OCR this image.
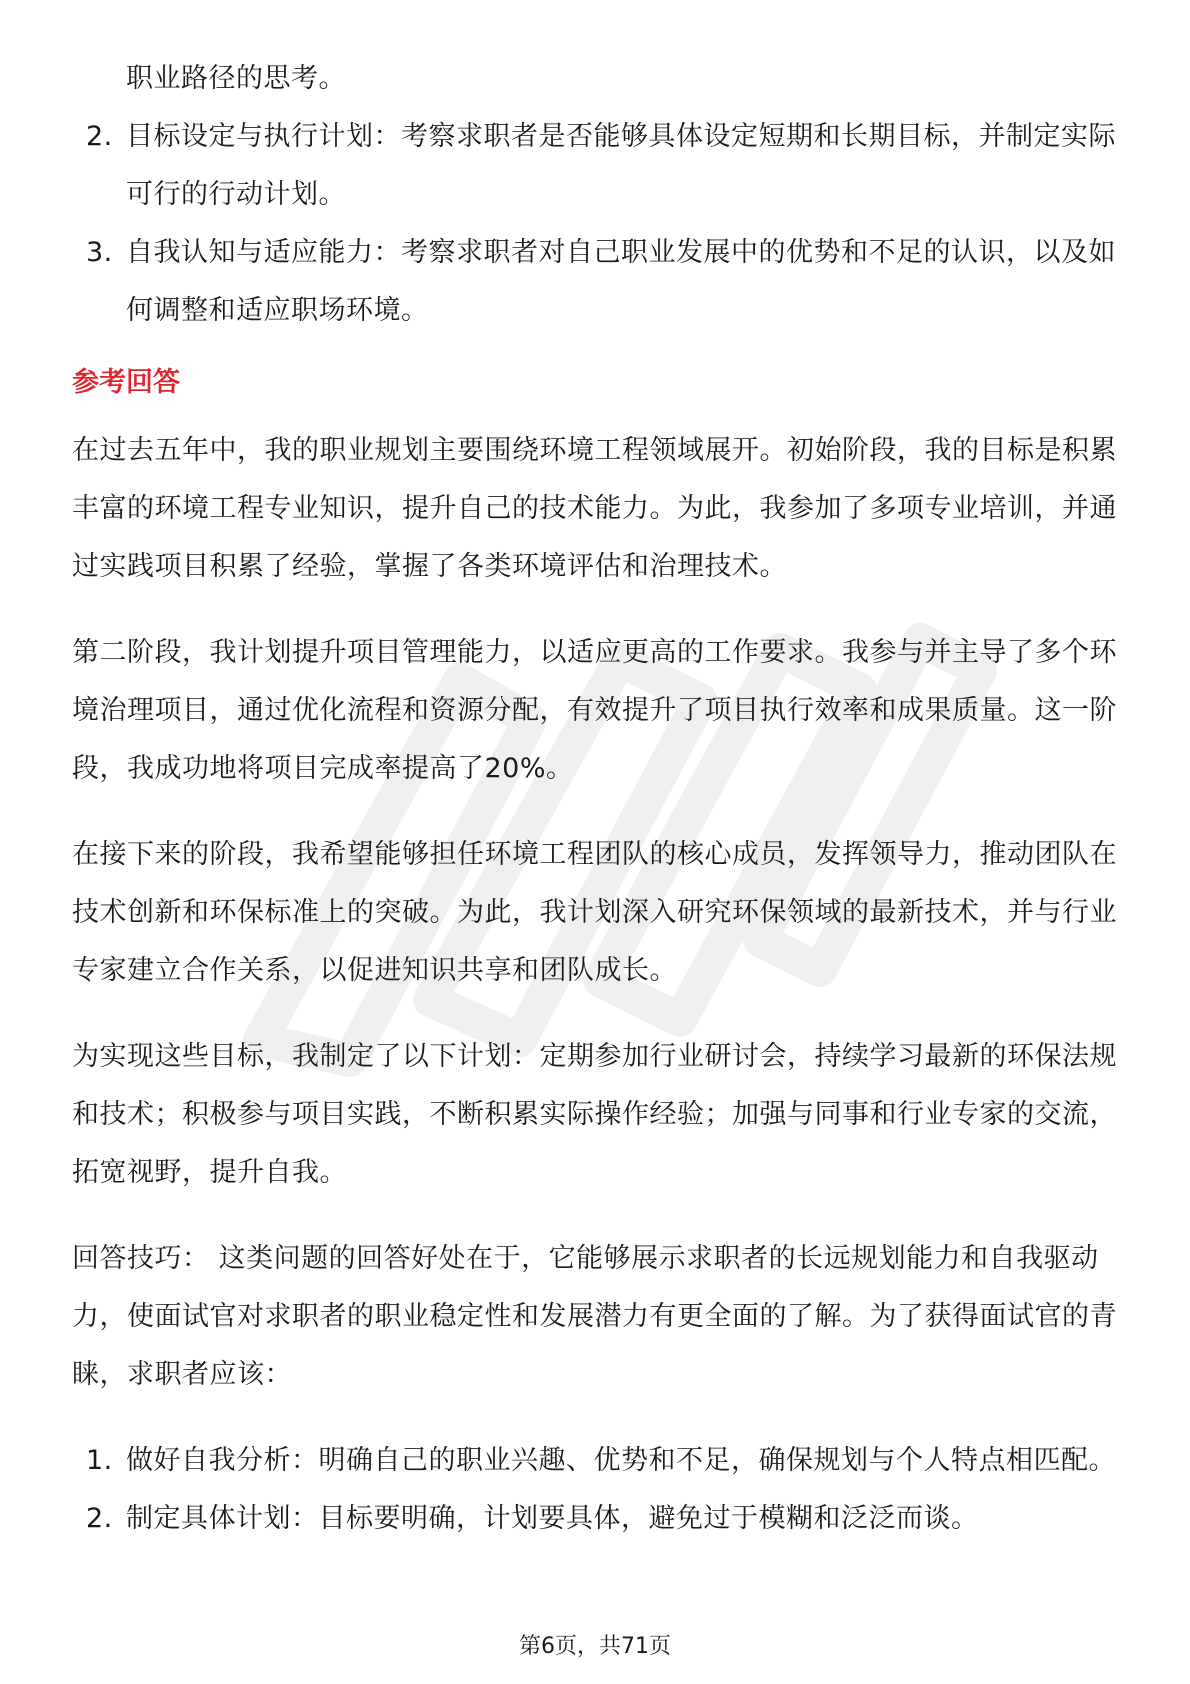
职业路径的思考。
2. 目标设定与执行计划：考察求职者是否能够具体设定短期和长期目标，并制定实际可行的行动计划。
3. 自我认知与适应能力：考察求职者对自己职业发展中的优势和不足的认识，以及如何调整和适应职场环境。
参考回答

在过去五年中，我的职业规划主要围绕环境工程领域展开。初始阶段，我的目标是积累丰富的环境工程专业知识，提升自己的技术能力。为此，我参加了多项专业培训，并通过实践项目积累了经验，掌握了各类环境评估和治理技术。

第二阶段，我计划提升项目管理能力，以适应更高的工作要求。我参与并主导了多个环境治理项目，通过优化流程和资源分配，有效提升了项目执行效率和成果质量。这一阶段，我成功地将项目完成率提高了20%。

在接下来的阶段，我希望能够担任环境工程团队的核心成员，发挥领导力，推动团队在技术创新和环保标准上的突破。为此，我计划深入研究环保领域的最新技术，并与行业专家建立合作关系，以促进知识共享和团队成长。

为实现这些目标，我制定了以下计划：定期参加行业研讨会，持续学习最新的环保法规和技术；积极参与项目实践，不断积累实际操作经验；加强与同事和行业专家的交流，拓宽视野，提升自我。

回答技巧： 这类问题的回答好处在于，它能够展示求职者的长远规划能力和自我驱动力，使面试官对求职者的职业稳定性和发展潜力有更全面的了解。为了获得面试官的青睐，求职者应该：

1. 做好自我分析：明确自己的职业兴趣、优势和不足，确保规划与个人特点相匹配。
2. 制定具体计划：目标要明确，计划要具体，避免过于模糊和泛泛而谈。
第6页，共71页
